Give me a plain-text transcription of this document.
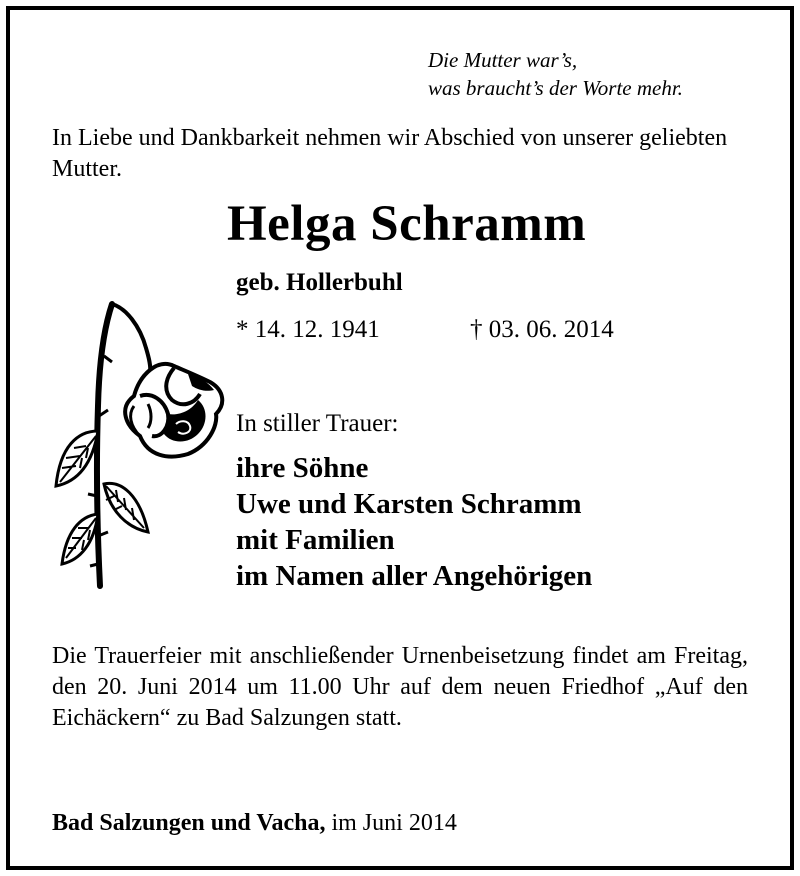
Die Mutter war’s,
was braucht’s der Worte mehr.
In Liebe und Dankbarkeit nehmen wir Abschied von unserer geliebten Mutter.
Helga Schramm
geb. Hollerbuhl
* 14. 12. 1941	† 03. 06. 2014
In stiller Trauer:
ihre Söhne
Uwe und Karsten Schramm
mit Familien
im Namen aller Angehörigen
Die Trauerfeier mit anschließender Urnenbeisetzung findet am Freitag, den 20. Juni 2014 um 11.00 Uhr auf dem neuen Friedhof „Auf den Eichäckern“ zu Bad Salzungen statt.
Bad Salzungen und Vacha, im Juni 2014
